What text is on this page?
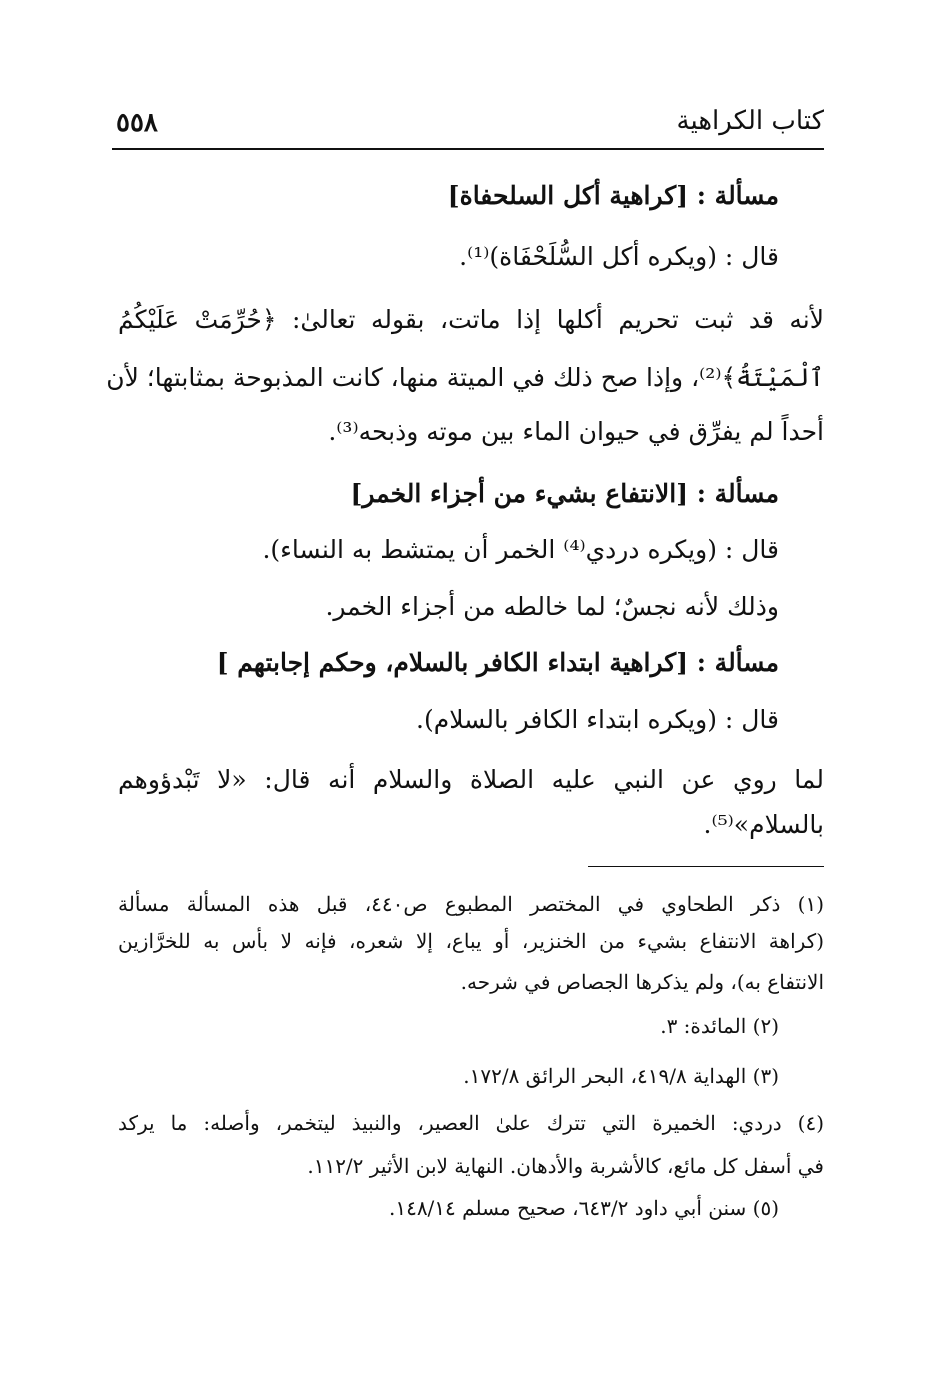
كتاب الكراهية
٥٥٨
مسألة : [كراهية أكل السلحفاة]
قال : (ويكره أكل السُّلَحْفَاة)⁽¹⁾.
لأنه قد ثبت تحريم أكلها إذا ماتت، بقوله تعالىٰ: ﴿حُرِّمَتْ عَلَيْكُمُ
ٱلْمَيْتَةُ﴾⁽²⁾، وإذا صح ذلك في الميتة منها، كانت المذبوحة بمثابتها؛ لأن
أحداً لم يفرِّق في حيوان الماء بين موته وذبحه⁽³⁾.
مسألة : [الانتفاع بشيء من أجزاء الخمر]
قال : (ويكره دردي⁽⁴⁾ الخمر أن يمتشط به النساء).
وذلك لأنه نجسٌ؛ لما خالطه من أجزاء الخمر.
مسألة : [كراهية ابتداء الكافر بالسلام، وحكم إجابتهم ]
قال : (ويكره ابتداء الكافر بالسلام).
لما روي عن النبي عليه الصلاة والسلام أنه قال: «لا تَبْدؤوهم
بالسلام»⁽⁵⁾.
(١) ذكر الطحاوي في المختصر المطبوع ص٤٤٠، قبل هذه المسألة مسألة
(كراهة الانتفاع بشيء من الخنزير، أو يباع، إلا شعره، فإنه لا بأس به للخرَّازين
الانتفاع به)، ولم يذكرها الجصاص في شرحه.
(٢) المائدة: ٣.
(٣) الهداية ٤١٩/٨، البحر الرائق ١٧٢/٨.
(٤) دردي: الخميرة التي تترك علىٰ العصير، والنبيذ ليتخمر، وأصله: ما يركد
في أسفل كل مائع، كالأشربة والأدهان. النهاية لابن الأثير ١١٢/٢.
(٥) سنن أبي داود ٦٤٣/٢، صحيح مسلم ١٤٨/١٤.
